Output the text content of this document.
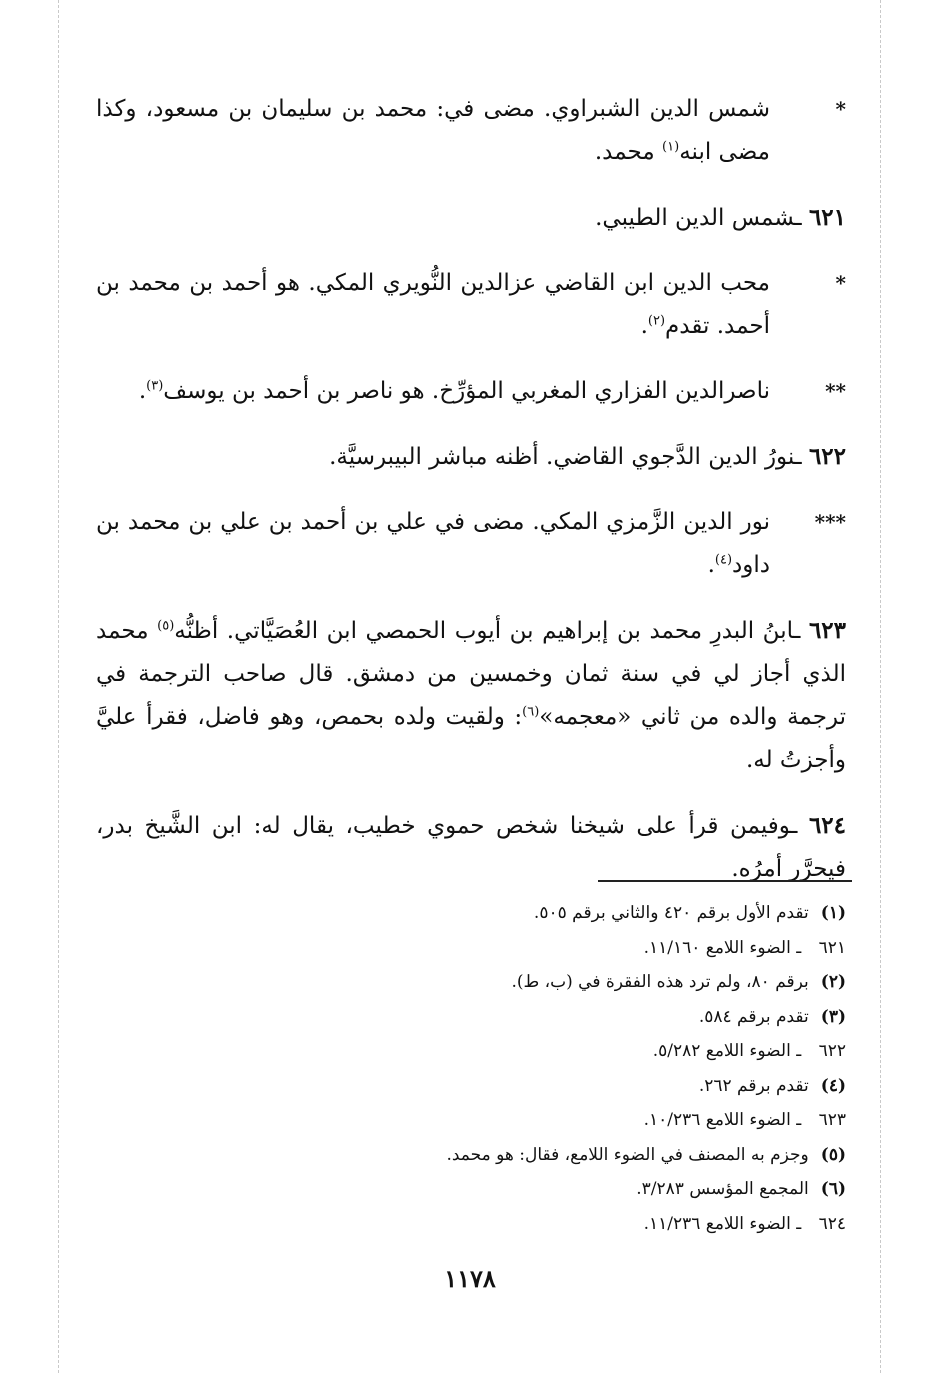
*
شمس الدين الشبراوي. مضى في: محمد بن سليمان بن مسعود، وكذا مضى ابنه$^{(١)}$ محمد.
٦٢١ ـشمس الدين الطيبي.
*
محب الدين ابن القاضي عزالدين النُّويري المكي. هو أحمد بن محمد بن أحمد. تقدم$^{(٢)}$.
**
ناصرالدين الفزاري المغربي المؤرِّخ. هو ناصر بن أحمد بن يوسف$^{(٣)}$.
٦٢٢ ـنورُ الدين الدَّجوي القاضي. أظنه مباشر البيبرسيَّة.
***
نور الدين الزَّمزي المكي. مضى في علي بن أحمد بن علي بن محمد بن داود$^{(٤)}$.
٦٢٣ ـابنُ البدرِ محمد بن إبراهيم بن أيوب الحمصي ابن العُصَيَّاتي. أظنُّه$^{(٥)}$ محمد الذي أجاز لي في سنة ثمان وخمسين من دمشق. قال صاحب الترجمة في ترجمة والده من ثاني «معجمه»$^{(٦)}$: ولقيت ولده بحمص، وهو فاضل، فقرأ عليَّ وأجزتُ له.
٦٢٤ ـوفيمن قرأ على شيخنا شخص حموي خطيب، يقال له: ابن الشَّيخ بدر، فيحرَّر أمرُه.
(١)تقدم الأول برقم ٤٢٠ والثاني برقم ٥٠٥.
٦٢١ ـ الضوء اللامع ١١/١٦٠.
(٢)برقم ٨٠، ولم ترد هذه الفقرة في (ب، ط).
(٣)تقدم برقم ٥٨٤.
٦٢٢ ـ الضوء اللامع ٥/٢٨٢.
(٤)تقدم برقم ٢٦٢.
٦٢٣ ـ الضوء اللامع ١٠/٢٣٦.
(٥)وجزم به المصنف في الضوء اللامع، فقال: هو محمد.
(٦)المجمع المؤسس ٣/٢٨٣.
٦٢٤ ـ الضوء اللامع ١١/٢٣٦.
١١٧٨
